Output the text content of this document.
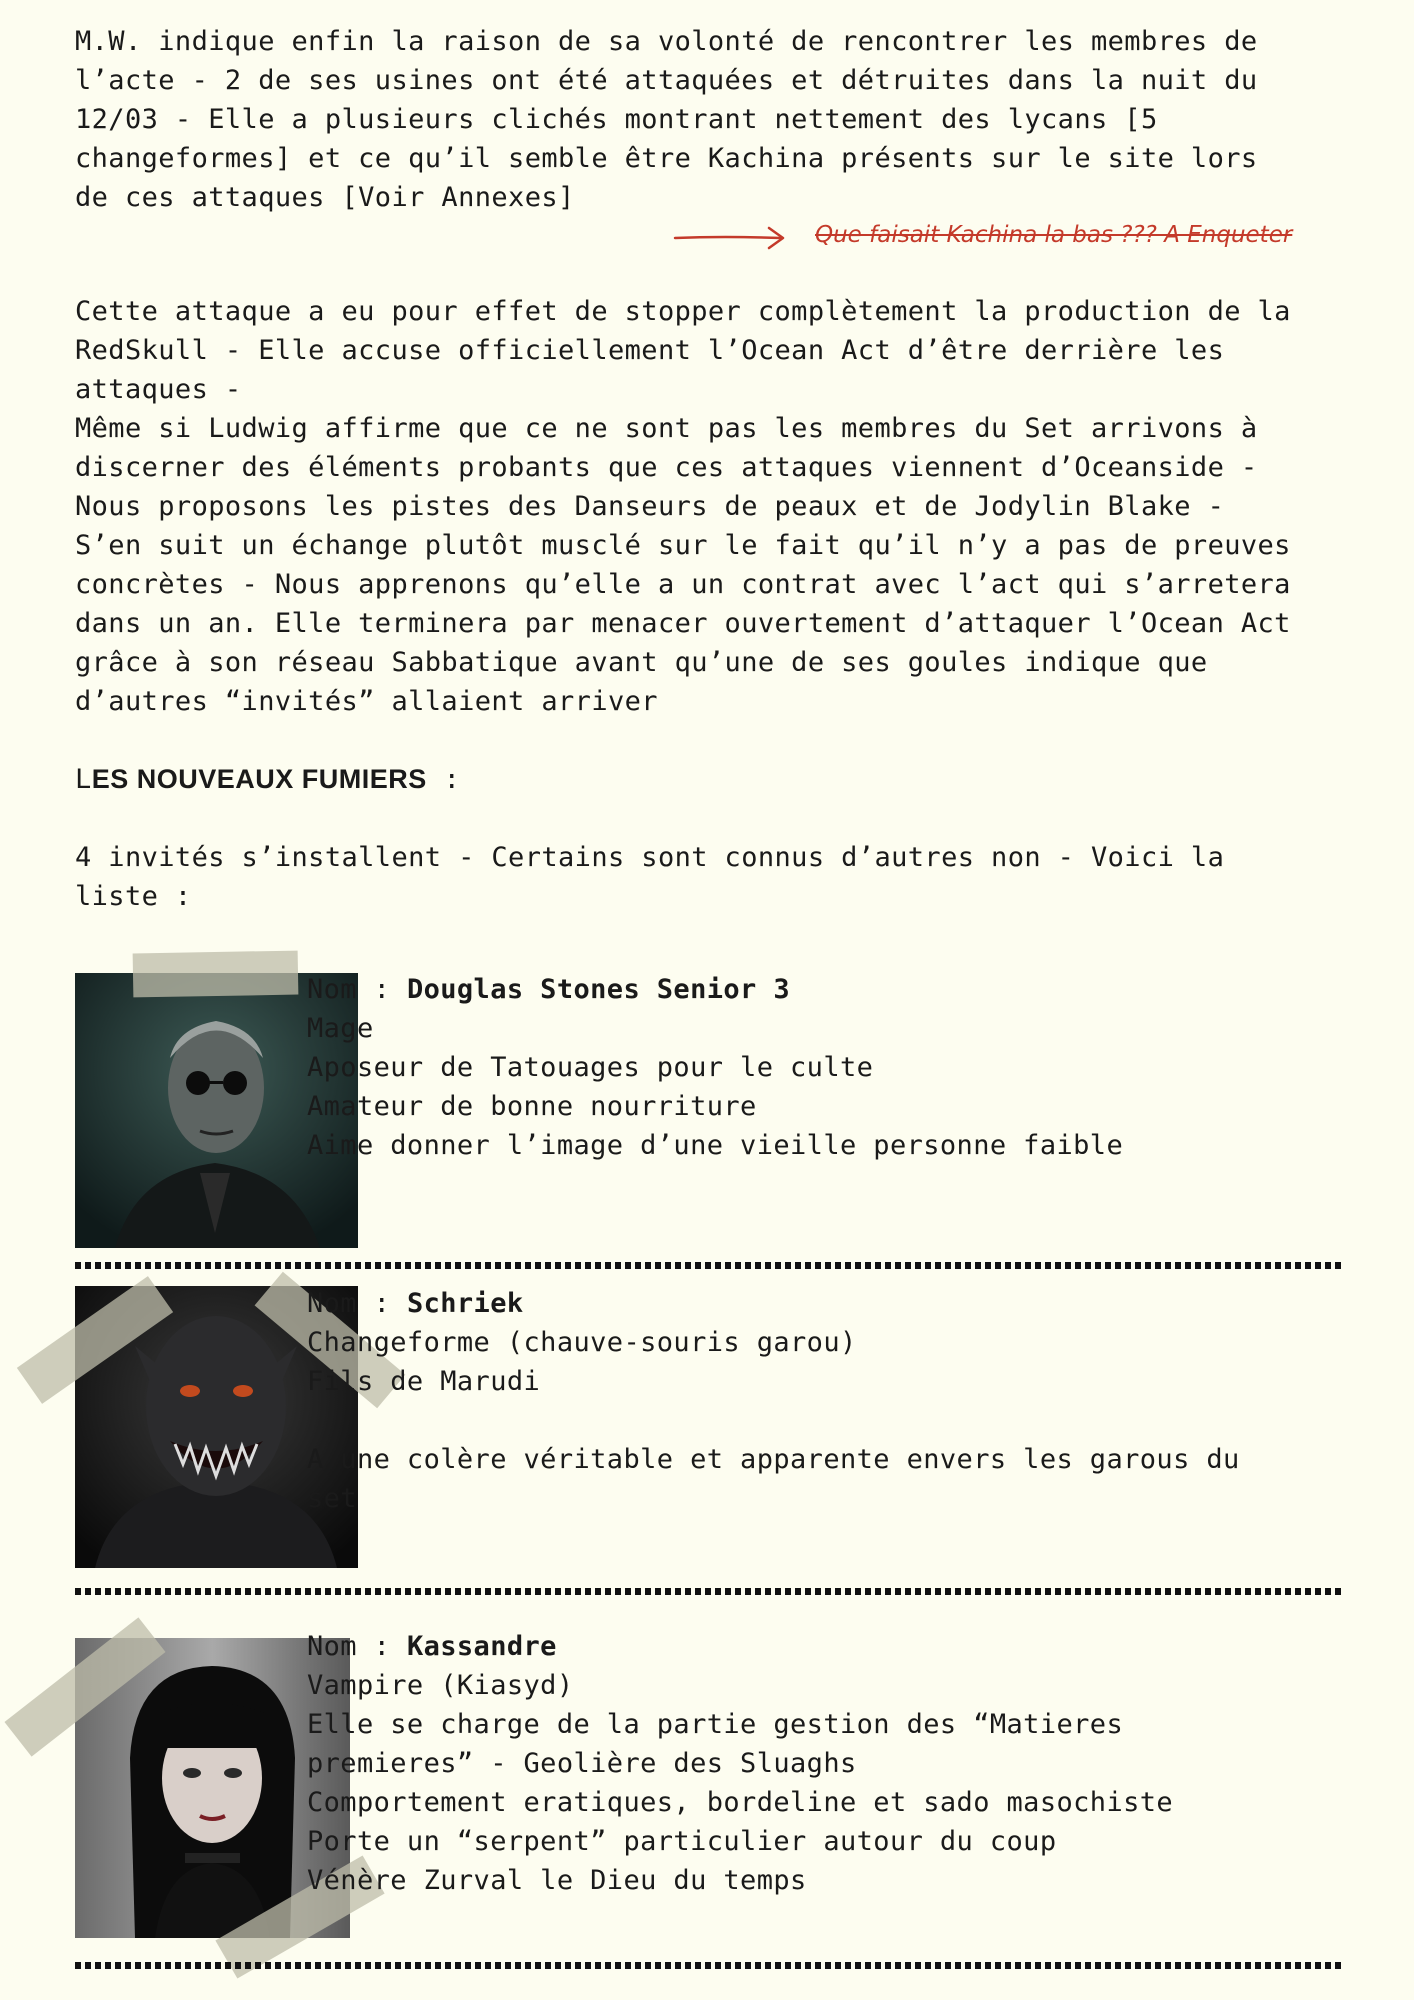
M.W. indique enfin la raison de sa volonté de rencontrer les membres de

l’acte - 2 de ses usines ont été attaquées et détruites dans la nuit du

12/03 - Elle a plusieurs clichés montrant nettement des lycans [5

changeformes] et ce qu’il semble être Kachina présents sur le site lors

de ces attaques [Voir Annexes]

Que faisait Kachina la bas ??? A Enqueter

Cette attaque a eu pour effet de stopper complètement la production de la

RedSkull - Elle accuse officiellement l’Ocean Act d’être derrière les

attaques -

Même si Ludwig affirme que ce ne sont pas les membres du Set arrivons à

discerner des éléments probants que ces attaques viennent d’Oceanside -

Nous proposons les pistes des Danseurs de peaux et de Jodylin Blake -

S’en suit un échange plutôt musclé sur le fait qu’il n’y a pas de preuves

concrètes - Nous apprenons qu’elle a un contrat avec l’act qui s’arretera

dans un an. Elle terminera par menacer ouvertement d’attaquer l’Ocean Act

grâce à son réseau Sabbatique avant qu’une de ses goules indique que

d’autres “invités” allaient arriver

LES NOUVEAUX FUMIERS :

4 invités s’installent - Certains sont connus d’autres non - Voici la

liste :

Nom : Douglas Stones Senior 3

Mage

Aposeur de Tatouages pour le culte

Amateur de bonne nourriture

Aime donner l’image d’une vieille personne faible

Nom : Schriek

Changeforme (chauve-souris garou)

Fils de Marudi

A une colère véritable et apparente envers les garous du

set

Nom : Kassandre

Vampire (Kiasyd)

Elle se charge de la partie gestion des “Matieres

premieres” - Geolière des Sluaghs

Comportement eratiques, bordeline et sado masochiste

Porte un “serpent” particulier autour du coup

Vénère Zurval le Dieu du temps
